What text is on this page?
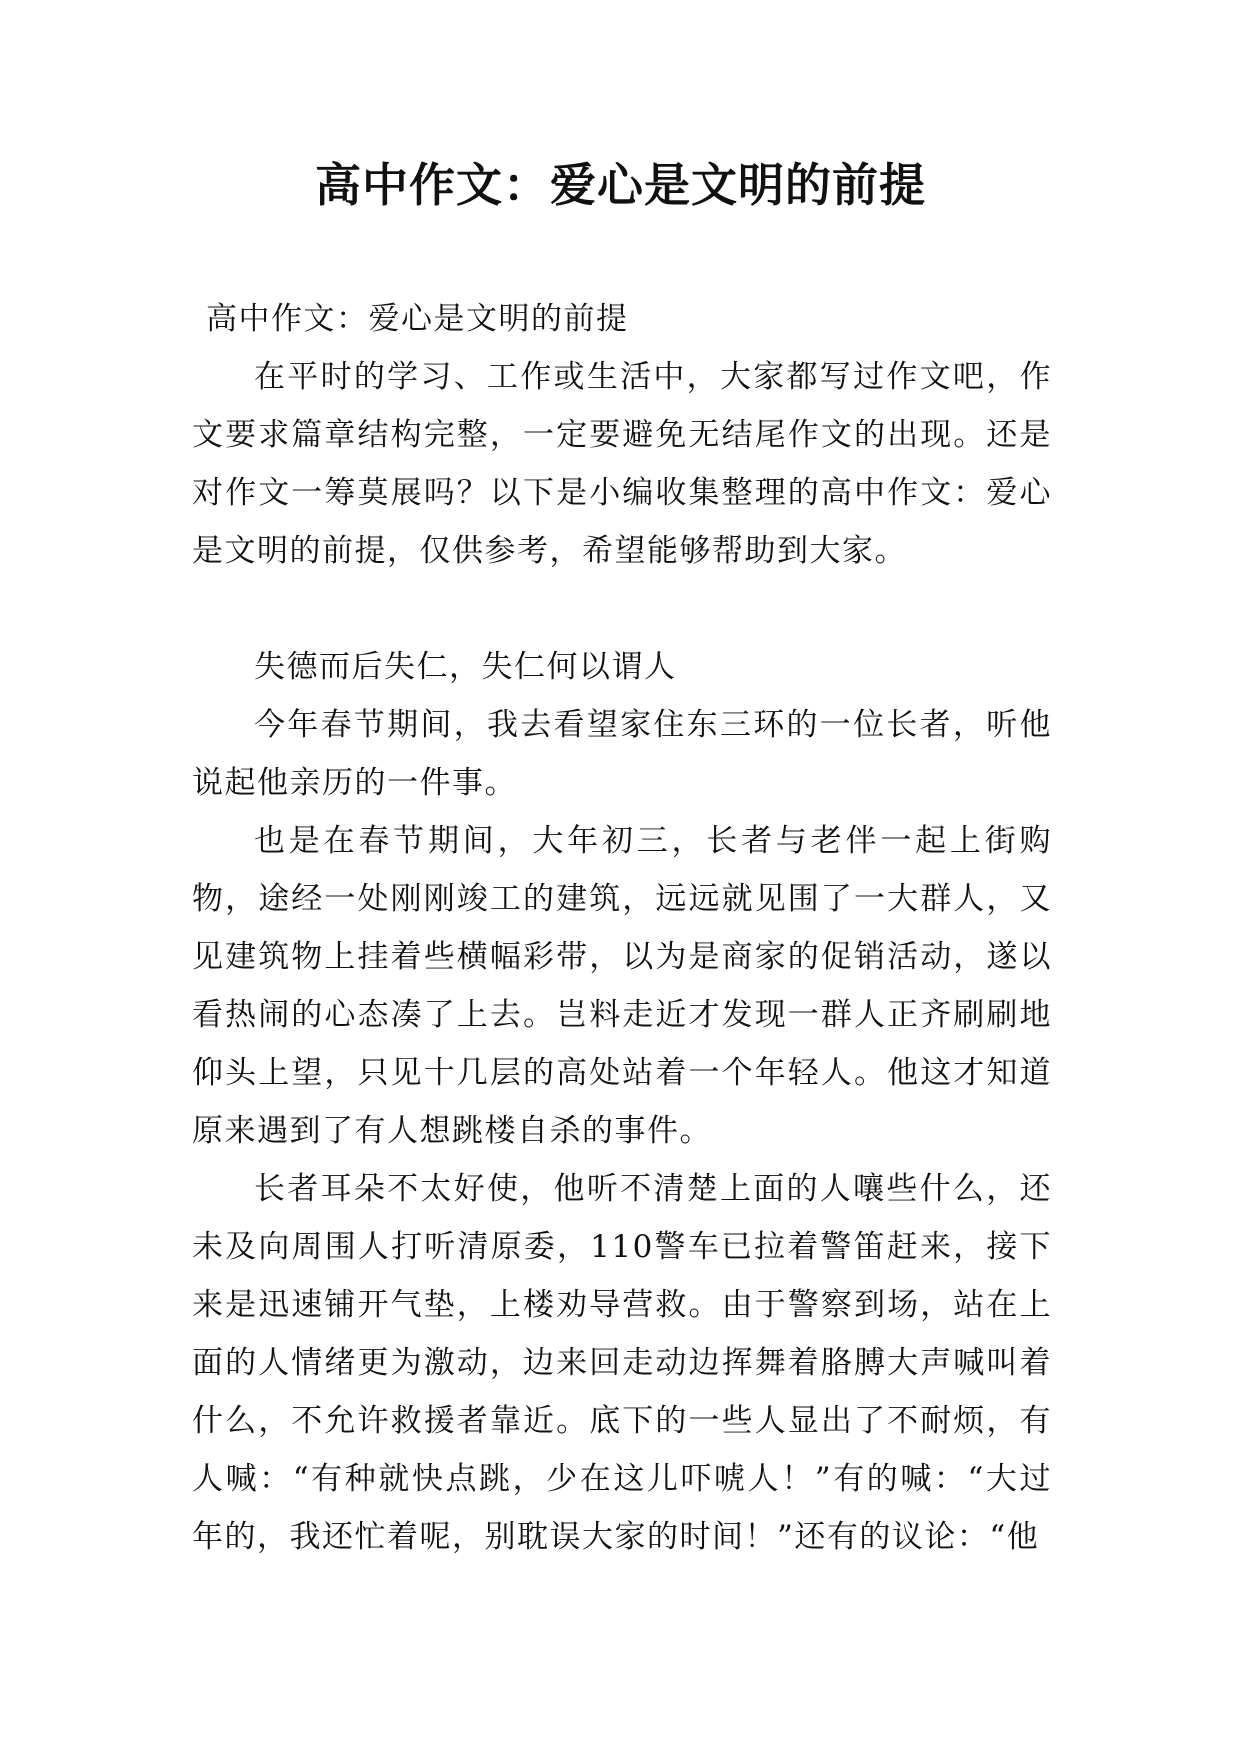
高中作文：爱心是文明的前提

高中作文：爱心是文明的前提

在平时的学习、工作或生活中，大家都写过作文吧，作文要求篇章结构完整，一定要避免无结尾作文的出现。还是对作文一筹莫展吗？以下是小编收集整理的高中作文：爱心是文明的前提，仅供参考，希望能够帮助到大家。

失德而后失仁，失仁何以谓人

今年春节期间，我去看望家住东三环的一位长者，听他说起他亲历的一件事。

也是在春节期间，大年初三，长者与老伴一起上街购物，途经一处刚刚竣工的建筑，远远就见围了一大群人，又见建筑物上挂着些横幅彩带，以为是商家的促销活动，遂以看热闹的心态凑了上去。岂料走近才发现一群人正齐刷刷地仰头上望，只见十几层的高处站着一个年轻人。他这才知道原来遇到了有人想跳楼自杀的事件。

长者耳朵不太好使，他听不清楚上面的人嚷些什么，还未及向周围人打听清原委，110警车已拉着警笛赶来，接下来是迅速铺开气垫，上楼劝导营救。由于警察到场，站在上面的人情绪更为激动，边来回走动边挥舞着胳膊大声喊叫着什么，不允许救援者靠近。底下的一些人显出了不耐烦，有人喊：“有种就快点跳，少在这儿吓唬人！”有的喊：“大过年的，我还忙着呢，别耽误大家的时间！”还有的议论：“他
